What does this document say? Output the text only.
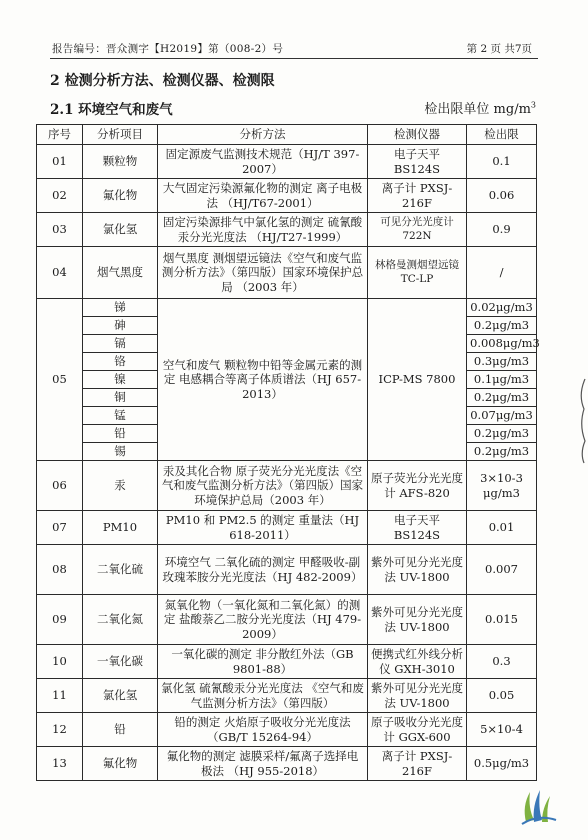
报告编号：晋众测字【H2019】第（008-2）号	第 2 页 共7页
2 检测分析方法、检测仪器、检测限
2.1 环境空气和废气	检出限单位 $mg/m^3$
序号	分析项目	分析方法	检测仪器	检出限
01	颗粒物	固定源废气监测技术规范（HJ/T 397-2007）	电子天平 BS124S	0.1
02	氟化物	大气固定污染源氟化物的测定 离子电极法 （HJ/T67-2001）	离子计 PXSJ-216F	0.06
03	氯化氢	固定污染源排气中氯化氢的测定 硫氰酸汞分光光度法 （HJ/T27-1999）	可见分光光度计 722N	0.9
04	烟气黑度	烟气黑度 测烟望远镜法《空气和废气监测分析方法》（第四版）国家环境保护总局 （2003 年）	林格曼测烟望远镜 TC-LP	/
05	锑	空气和废气 颗粒物中铅等金属元素的测定 电感耦合等离子体质谱法（HJ 657-2013）	ICP-MS 7800	0.02μg/m3
	砷			0.2μg/m3
	镉			0.008μg/m3
	铬			0.3μg/m3
	镍			0.1μg/m3
	铜			0.2μg/m3
	锰			0.07μg/m3
	铅			0.2μg/m3
	锡			0.2μg/m3
06	汞	汞及其化合物 原子荧光分光光度法《空气和废气监测分析方法》（第四版）国家环境保护总局（2003 年）	原子荧光分光光度计 AFS-820	3×10-3 μg/m3
07	PM10	PM10 和 PM2.5 的测定 重量法（HJ 618-2011）	电子天平 BS124S	0.01
08	二氧化硫	环境空气 二氧化硫的测定 甲醛吸收-副玫瑰苯胺分光光度法（HJ 482-2009）	紫外可见分光光度法 UV-1800	0.007
09	二氧化氮	氮氧化物（一氧化氮和二氧化氮）的测定 盐酸萘乙二胺分光光度法（HJ 479-2009）	紫外可见分光光度法 UV-1800	0.015
10	一氧化碳	一氧化碳的测定 非分散红外法（GB 9801-88）	便携式红外线分析仪 GXH-3010	0.3
11	氯化氢	氯化氢 硫氰酸汞分光光度法 《空气和废气监测分析方法》（第四版）	紫外可见分光光度法 UV-1800	0.05
12	铅	铅的测定 火焰原子吸收分光光度法（GB/T 15264-94）	原子吸收分光光度计 GGX-600	5×10-4
13	氟化物	氟化物的测定 滤膜采样/氟离子选择电极法 （HJ 955-2018）	离子计 PXSJ-216F	0.5μg/m3
